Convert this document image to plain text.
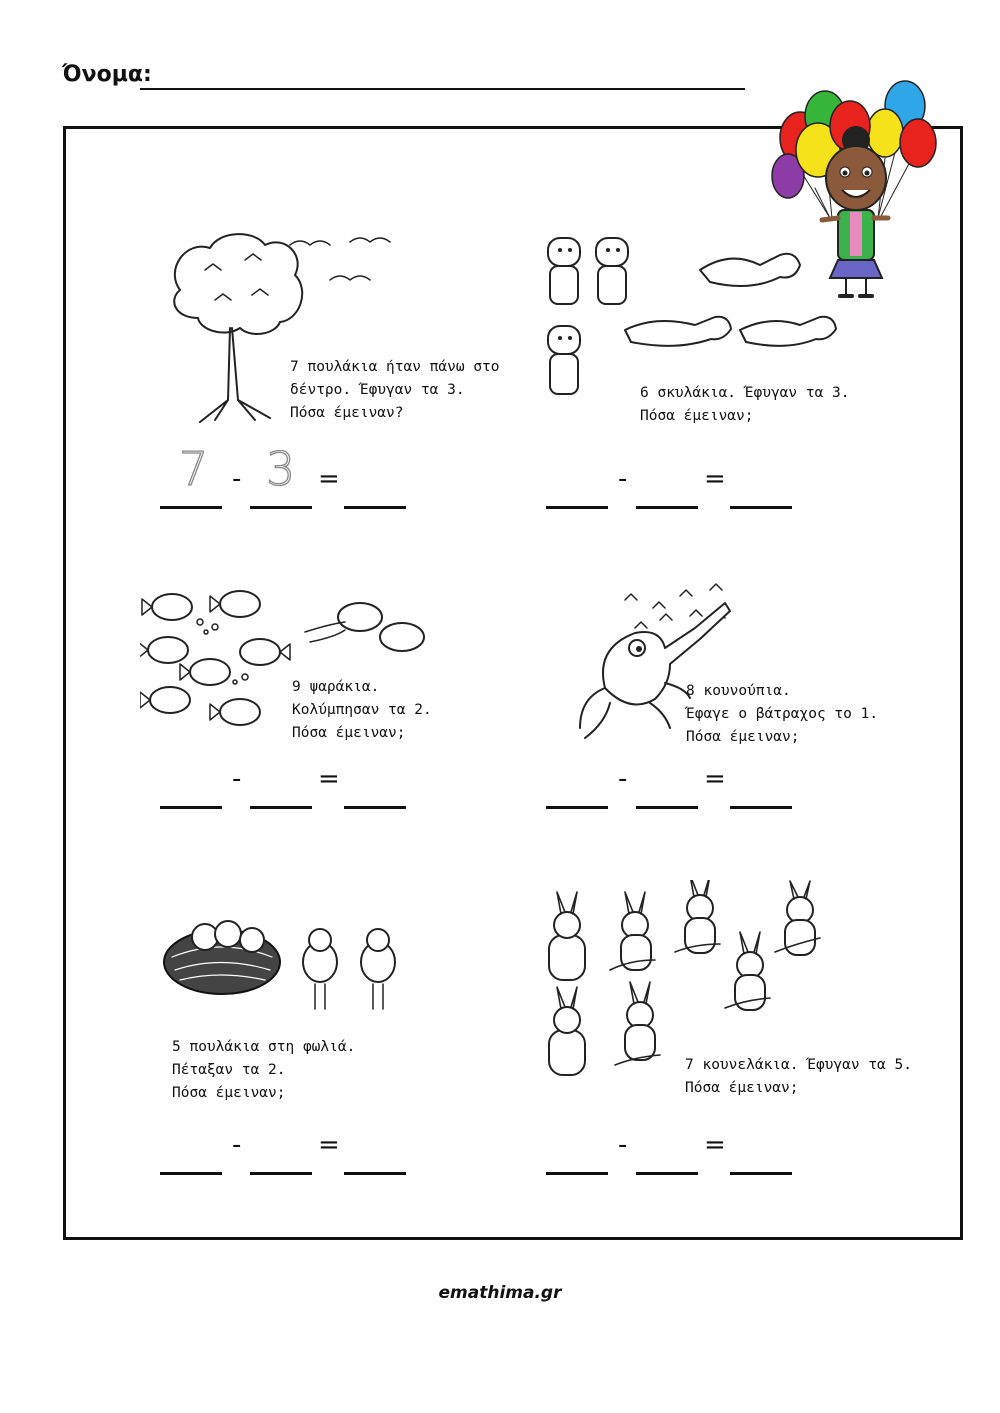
Όνομα:
7 πουλάκια ήταν πάνω στο
δέντρο. Έφυγαν τα 3.
Πόσα έμειναν?
7 3
-	=
6 σκυλάκια. Έφυγαν τα 3.
Πόσα έμειναν;
-	=
9 ψαράκια.
Κολύμπησαν τα 2.
Πόσα έμειναν;
-	=
8 κουνούπια.
Έφαγε ο βάτραχος το 1.
Πόσα έμειναν;
-	=
5 πουλάκια στη φωλιά.
Πέταξαν τα 2.
Πόσα έμειναν;
-	=
7 κουνελάκια. Έφυγαν τα 5.
Πόσα έμειναν;
-	=
emathima.gr
